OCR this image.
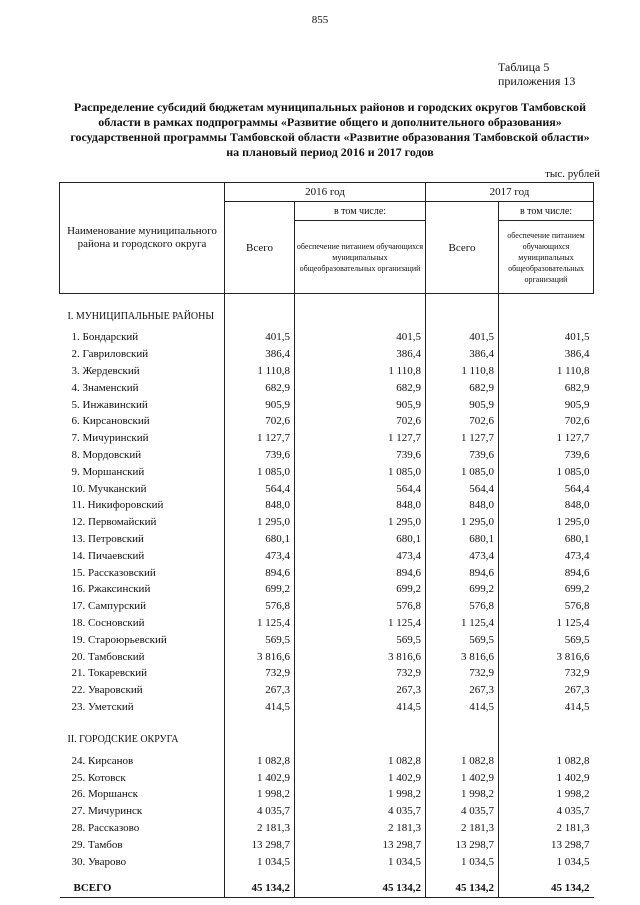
855
Таблица 5
приложения 13
Распределение субсидий бюджетам муниципальных районов и городских округов Тамбовской
области в рамках подпрограммы «Развитие общего и дополнительного образования»
государственной программы Тамбовской области «Развитие образования Тамбовской области»
на плановый период 2016 и 2017 годов
тыс. рублей
Наименование муниципального района и городского округа	2016 год		2017 год	
	Всего	в том числе:	Всего	в том числе:
		обеспечение питанием обучающихся муниципальных общеобразовательных организаций		обеспечение питанием обучающихся муниципальных общеобразовательных организаций

I. МУНИЦИПАЛЬНЫЕ РАЙОНЫ				

1. Бондарский	401,5	401,5	401,5	401,5
2. Гавриловский	386,4	386,4	386,4	386,4
3. Жердевский	1 110,8	1 110,8	1 110,8	1 110,8
4. Знаменский	682,9	682,9	682,9	682,9
5. Инжавинский	905,9	905,9	905,9	905,9
6. Кирсановский	702,6	702,6	702,6	702,6
7. Мичуринский	1 127,7	1 127,7	1 127,7	1 127,7
8. Мордовский	739,6	739,6	739,6	739,6
9. Моршанский	1 085,0	1 085,0	1 085,0	1 085,0
10. Мучканский	564,4	564,4	564,4	564,4
11. Никифоровский	848,0	848,0	848,0	848,0
12. Первомайский	1 295,0	1 295,0	1 295,0	1 295,0
13. Петровский	680,1	680,1	680,1	680,1
14. Пичаевский	473,4	473,4	473,4	473,4
15. Рассказовский	894,6	894,6	894,6	894,6
16. Ржаксинский	699,2	699,2	699,2	699,2
17. Сампурский	576,8	576,8	576,8	576,8
18. Сосновский	1 125,4	1 125,4	1 125,4	1 125,4
19. Староюрьевский	569,5	569,5	569,5	569,5
20. Тамбовский	3 816,6	3 816,6	3 816,6	3 816,6
21. Токаревский	732,9	732,9	732,9	732,9
22. Уваровский	267,3	267,3	267,3	267,3
23. Уметский	414,5	414,5	414,5	414,5

II. ГОРОДСКИЕ ОКРУГА				

24. Кирсанов	1 082,8	1 082,8	1 082,8	1 082,8
25. Котовск	1 402,9	1 402,9	1 402,9	1 402,9
26. Моршанск	1 998,2	1 998,2	1 998,2	1 998,2
27. Мичуринск	4 035,7	4 035,7	4 035,7	4 035,7
28. Рассказово	2 181,3	2 181,3	2 181,3	2 181,3
29. Тамбов	13 298,7	13 298,7	13 298,7	13 298,7
30. Уварово	1 034,5	1 034,5	1 034,5	1 034,5
ВСЕГО	45 134,2	45 134,2	45 134,2	45 134,2
